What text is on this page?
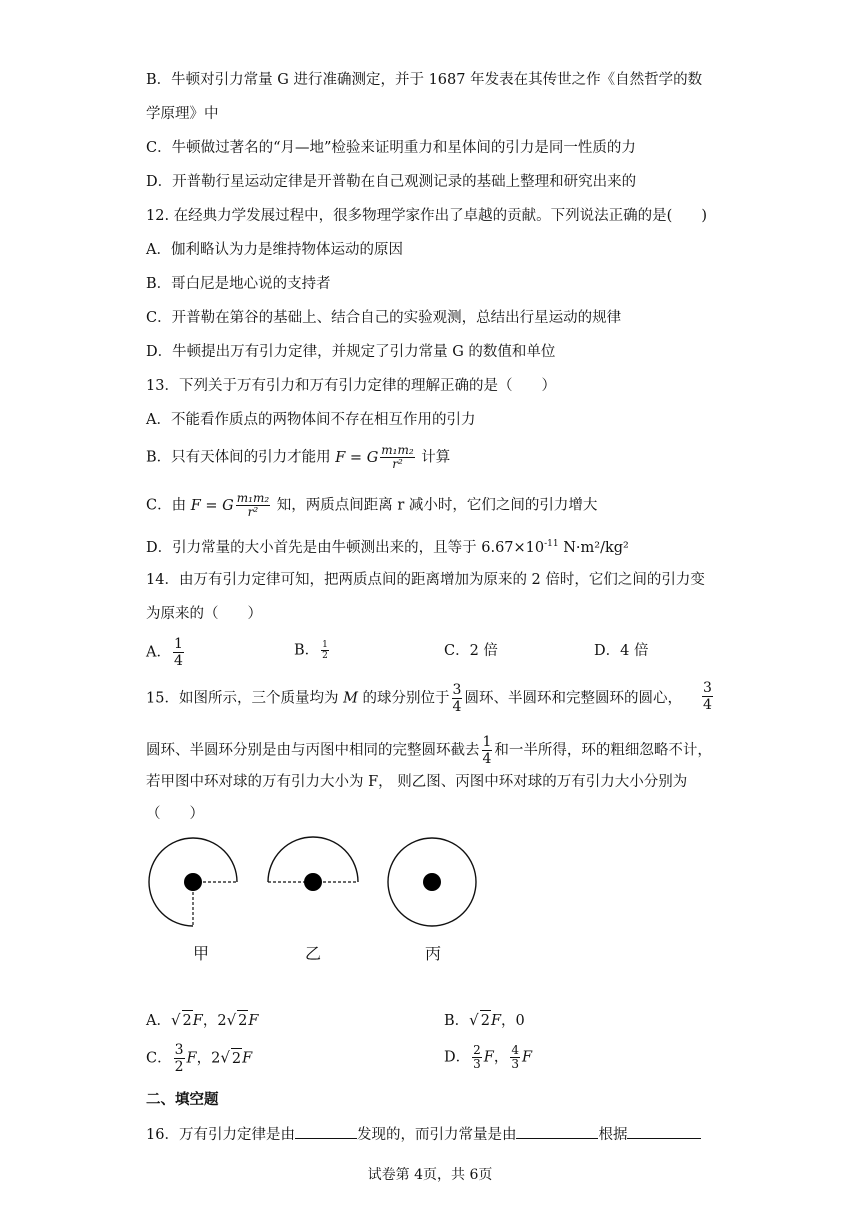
B．牛顿对引力常量 G 进行准确测定，并于 1687 年发表在其传世之作《自然哲学的数
学原理》中
C．牛顿做过著名的“月—地”检验来证明重力和星体间的引力是同一性质的力
D．开普勒行星运动定律是开普勒在自己观测记录的基础上整理和研究出来的
12. 在经典力学发展过程中，很多物理学家作出了卓越的贡献。下列说法正确的是(　　)
A．伽利略认为力是维持物体运动的原因
B．哥白尼是地心说的支持者
C．开普勒在第谷的基础上、结合自己的实验观测，总结出行星运动的规律
D．牛顿提出万有引力定律，并规定了引力常量 G 的数值和单位
13．下列关于万有引力和万有引力定律的理解正确的是（　　）
A．不能看作质点的两物体间不存在相互作用的引力
B．只有天体间的引力才能用 F = G $\frac{\text{m₁m₂}}{\text{r²}}$ 计算
C．由 F = G $\frac{\text{m₁m₂}}{\text{r²}}$ 知，两质点间距离 r 减小时，它们之间的引力增大
D．引力常量的大小首先是由牛顿测出来的，且等于 $6.67\times 10^{-11}$ N·m²/kg²
14．由万有引力定律可知，把两质点间的距离增加为原来的 2 倍时，它们之间的引力变
为原来的（　　）
A． $\frac{1}{4}$	B． $\frac{1}{2}$	C．2 倍	D．4 倍
15．如图所示，三个质量均为 M 的球分别位于 $\frac{3}{4}$ 圆环、半圆环和完整圆环的圆心， $\frac{3}{4}$
圆环、半圆环分别是由与丙图中相同的完整圆环截去 $\frac{1}{4}$ 和一半所得，环的粗细忽略不计，
若甲图中环对球的万有引力大小为 F， 则乙图、丙图中环对球的万有引力大小分别为
（　　）
甲	乙	丙
A．√ 2F，2√ 2F	B．√ 2F，0
C． $\frac{3}{2}$ F，2√ 2F	D． $\frac{2}{3}$ F， $\frac{4}{3}$ F
二、填空题
16．万有引力定律是由	发现的，而引力常量是由	根据
试卷第 4页，共 6页
